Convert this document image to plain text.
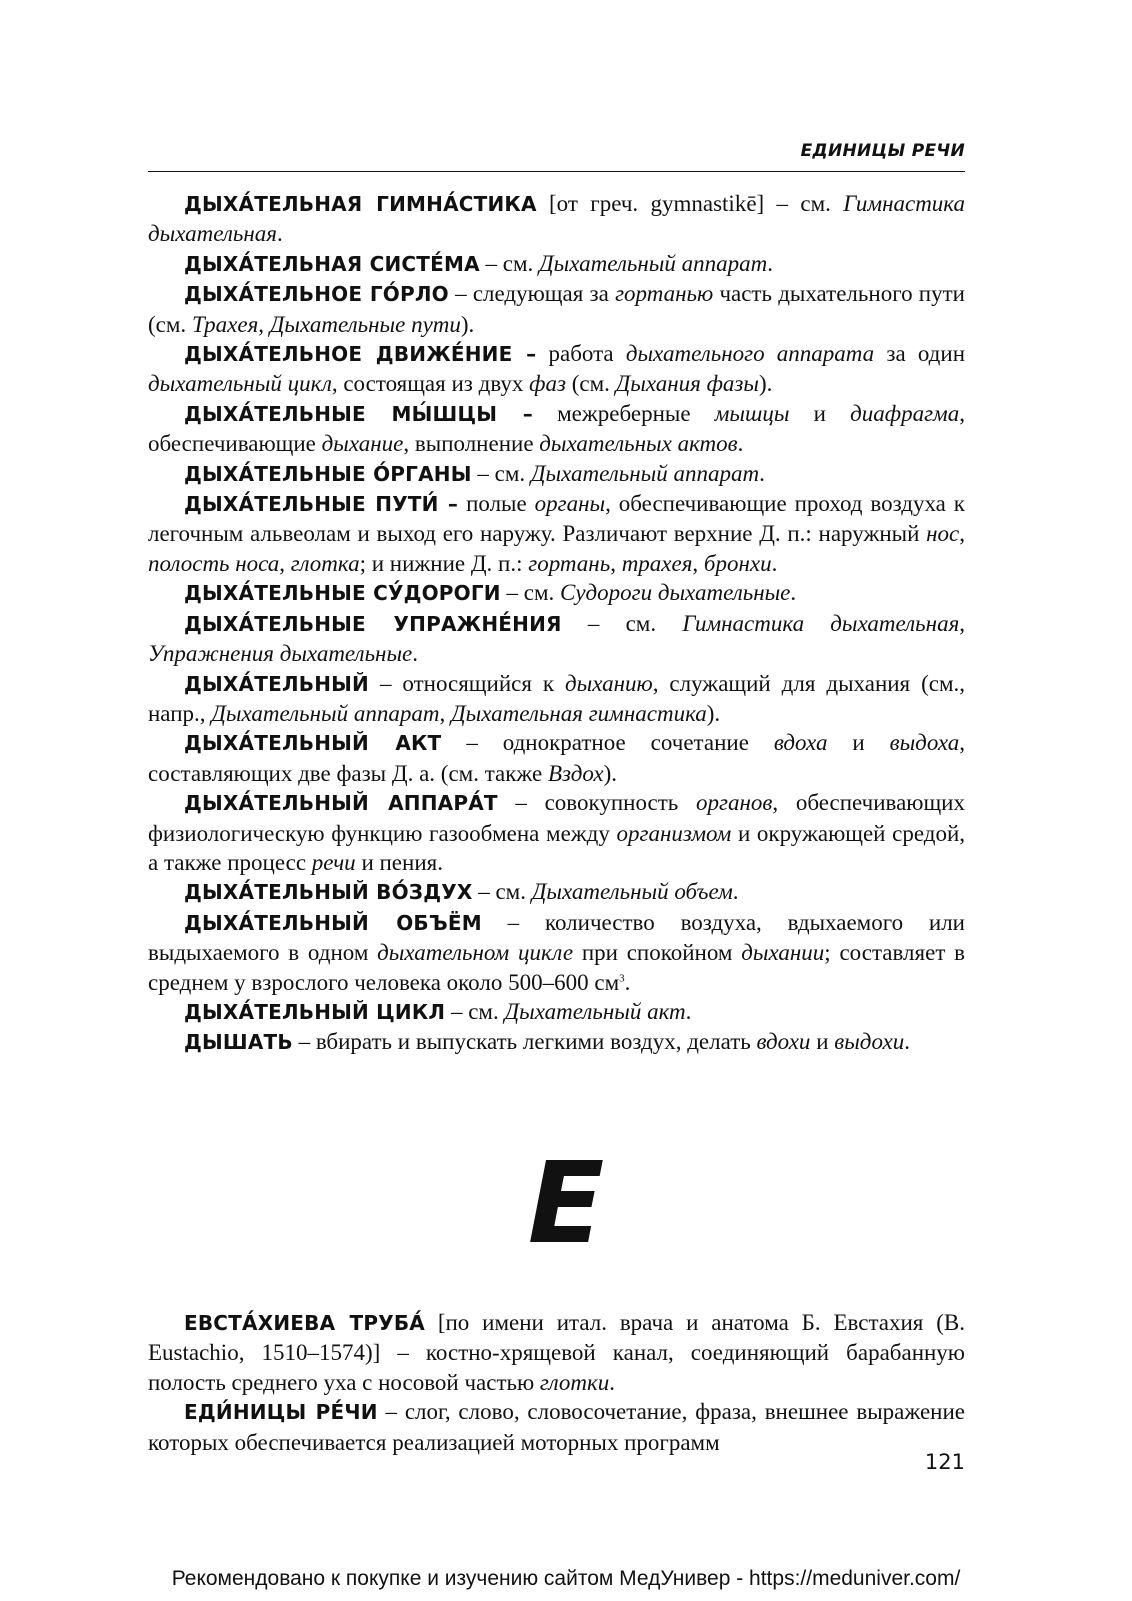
ЕДИНИЦЫ РЕЧИ

ДЫХА́ТЕЛЬНАЯ ГИМНА́СТИКА [от греч. gymnastikē] – см. Гимнастика дыхательная.

ДЫХА́ТЕЛЬНАЯ СИСТЕ́МА – см. Дыхательный аппарат.

ДЫХА́ТЕЛЬНОЕ ГО́РЛО – следующая за гортанью часть дыхательного пути (см. Трахея, Дыхательные пути).

ДЫХА́ТЕЛЬНОЕ ДВИЖЕ́НИЕ – работа дыхательного аппарата за один дыхательный цикл, состоящая из двух фаз (см. Дыхания фазы).

ДЫХА́ТЕЛЬНЫЕ МЫ́ШЦЫ – межреберные мышцы и диафрагма, обеспечивающие дыхание, выполнение дыхательных актов.

ДЫХА́ТЕЛЬНЫЕ О́РГАНЫ – см. Дыхательный аппарат.

ДЫХА́ТЕЛЬНЫЕ ПУТИ́ – полые органы, обеспечивающие проход воздуха к легочным альвеолам и выход его наружу. Различают верхние Д. п.: наружный нос, полость носа, глотка; и нижние Д. п.: гортань, трахея, бронхи.

ДЫХА́ТЕЛЬНЫЕ СУ́ДОРОГИ – см. Судороги дыхательные.

ДЫХА́ТЕЛЬНЫЕ УПРАЖНЕ́НИЯ – см. Гимнастика дыхательная, Упражнения дыхательные.

ДЫХА́ТЕЛЬНЫЙ – относящийся к дыханию, служащий для дыхания (см., напр., Дыхательный аппарат, Дыхательная гимнастика).

ДЫХА́ТЕЛЬНЫЙ АКТ – однократное сочетание вдоха и выдоха, составляющих две фазы Д. а. (см. также Вздох).

ДЫХА́ТЕЛЬНЫЙ АППАРА́Т – совокупность органов, обеспечивающих физиологическую функцию газообмена между организмом и окружающей средой, а также процесс речи и пения.

ДЫХА́ТЕЛЬНЫЙ ВО́ЗДУХ – см. Дыхательный объем.

ДЫХА́ТЕЛЬНЫЙ ОБЪЁМ – количество воздуха, вдыхаемого или выдыхаемого в одном дыхательном цикле при спокойном дыхании; составляет в среднем у взрослого человека около 500–600 $см^3$.

ДЫХА́ТЕЛЬНЫЙ ЦИКЛ – см. Дыхательный акт.

ДЫШАТЬ – вбирать и выпускать легкими воздух, делать вдохи и выдохи.

Е

ЕВСТА́ХИЕВА ТРУБА́ [по имени итал. врача и анатома Б. Евстахия (B. Eustachio, 1510–1574)] – костно-хрящевой канал, соединяющий барабанную полость среднего уха с носовой частью глотки.

ЕДИ́НИЦЫ РЕ́ЧИ – слог, слово, словосочетание, фраза, внешнее выражение которых обеспечивается реализацией моторных программ

121
Рекомендовано к покупке и изучению сайтом МедУнивер - https://meduniver.com/
